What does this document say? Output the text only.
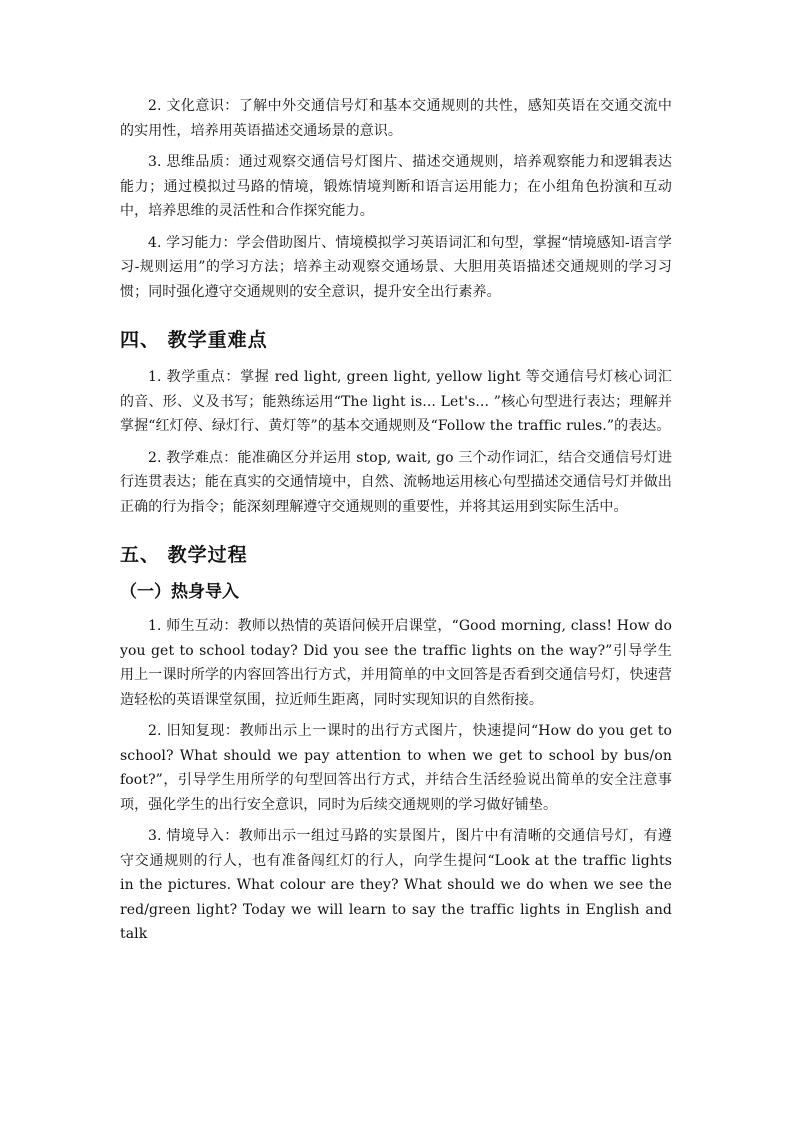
2. 文化意识：了解中外交通信号灯和基本交通规则的共性，感知英语在交通交流中的实用性，培养用英语描述交通场景的意识。

3. 思维品质：通过观察交通信号灯图片、描述交通规则，培养观察能力和逻辑表达能力；通过模拟过马路的情境，锻炼情境判断和语言运用能力；在小组角色扮演和互动中，培养思维的灵活性和合作探究能力。

4. 学习能力：学会借助图片、情境模拟学习英语词汇和句型，掌握“情境感知-语言学习-规则运用”的学习方法；培养主动观察交通场景、大胆用英语描述交通规则的学习习惯；同时强化遵守交通规则的安全意识，提升安全出行素养。

四、 教学重难点

1. 教学重点：掌握 red light, green light, yellow light 等交通信号灯核心词汇的音、形、义及书写；能熟练运用“The light is... Let's... ”核心句型进行表达；理解并掌握“红灯停、绿灯行、黄灯等”的基本交通规则及“Follow the traffic rules.”的表达。

2. 教学难点：能准确区分并运用 stop, wait, go 三个动作词汇，结合交通信号灯进行连贯表达；能在真实的交通情境中，自然、流畅地运用核心句型描述交通信号灯并做出正确的行为指令；能深刻理解遵守交通规则的重要性，并将其运用到实际生活中。

五、 教学过程
（一）热身导入

1. 师生互动：教师以热情的英语问候开启课堂，“Good morning, class! How do you get to school today? Did you see the traffic lights on the way?”引导学生用上一课时所学的内容回答出行方式，并用简单的中文回答是否看到交通信号灯，快速营造轻松的英语课堂氛围，拉近师生距离，同时实现知识的自然衔接。

2. 旧知复现：教师出示上一课时的出行方式图片，快速提问“How do you get to school? What should we pay attention to when we get to school by bus/on foot?”，引导学生用所学的句型回答出行方式，并结合生活经验说出简单的安全注意事项，强化学生的出行安全意识，同时为后续交通规则的学习做好铺垫。

3. 情境导入：教师出示一组过马路的实景图片，图片中有清晰的交通信号灯，有遵守交通规则的行人，也有准备闯红灯的行人，向学生提问“Look at the traffic lights in the pictures. What colour are they? What should we do when we see the red/green light? Today we will learn to say the traffic lights in English and talk
